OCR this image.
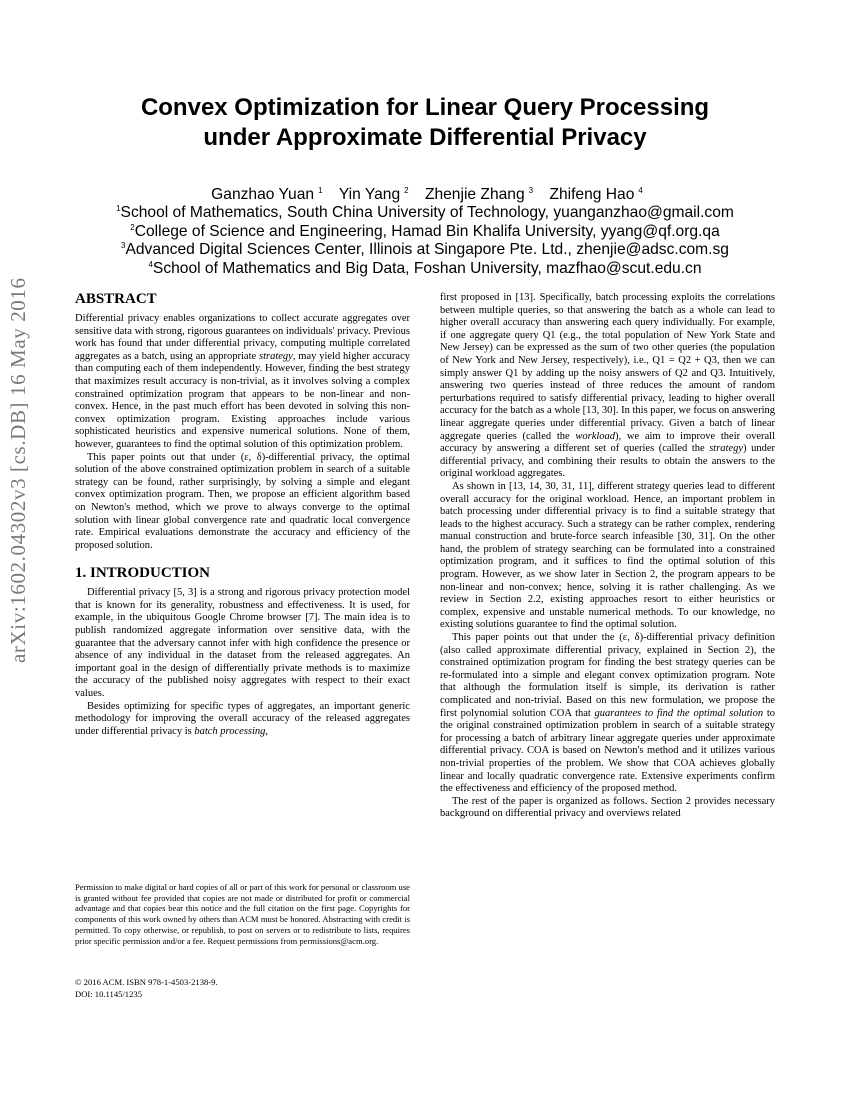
arXiv:1602.04302v3 [cs.DB] 16 May 2016
Convex Optimization for Linear Query Processing
under Approximate Differential Privacy
Ganzhao Yuan $^1$ Yin Yang $^2$ Zhenjie Zhang $^3$ Zhifeng Hao $^4$
$^1$School of Mathematics, South China University of Technology, yuanganzhao@gmail.com
$^2$College of Science and Engineering, Hamad Bin Khalifa University, yyang@qf.org.qa
$^3$Advanced Digital Sciences Center, Illinois at Singapore Pte. Ltd., zhenjie@adsc.com.sg
$^4$School of Mathematics and Big Data, Foshan University, mazfhao@scut.edu.cn
ABSTRACT

Differential privacy enables organizations to collect accurate aggregates over sensitive data with strong, rigorous guarantees on individuals' privacy. Previous work has found that under differential privacy, computing multiple correlated aggregates as a batch, using an appropriate strategy, may yield higher accuracy than computing each of them independently. However, finding the best strategy that maximizes result accuracy is non-trivial, as it involves solving a complex constrained optimization program that appears to be non-linear and non-convex. Hence, in the past much effort has been devoted in solving this non-convex optimization program. Existing approaches include various sophisticated heuristics and expensive numerical solutions. None of them, however, guarantees to find the optimal solution of this optimization problem.

This paper points out that under (ε, δ)-differential privacy, the optimal solution of the above constrained optimization problem in search of a suitable strategy can be found, rather surprisingly, by solving a simple and elegant convex optimization program. Then, we propose an efficient algorithm based on Newton's method, which we prove to always converge to the optimal solution with linear global convergence rate and quadratic local convergence rate. Empirical evaluations demonstrate the accuracy and efficiency of the proposed solution.

1. INTRODUCTION

Differential privacy [5, 3] is a strong and rigorous privacy protection model that is known for its generality, robustness and effectiveness. It is used, for example, in the ubiquitous Google Chrome browser [7]. The main idea is to publish randomized aggregate information over sensitive data, with the guarantee that the adversary cannot infer with high confidence the presence or absence of any individual in the dataset from the released aggregates. An important goal in the design of differentially private methods is to maximize the accuracy of the published noisy aggregates with respect to their exact values.

Besides optimizing for specific types of aggregates, an important generic methodology for improving the overall accuracy of the released aggregates under differential privacy is batch processing,

Permission to make digital or hard copies of all or part of this work for personal or classroom use is granted without fee provided that copies are not made or distributed for profit or commercial advantage and that copies bear this notice and the full citation on the first page. Copyrights for components of this work owned by others than ACM must be honored. Abstracting with credit is permitted. To copy otherwise, or republish, to post on servers or to redistribute to lists, requires prior specific permission and/or a fee. Request permissions from permissions@acm.org.
© 2016 ACM. ISBN 978-1-4503-2138-9.
DOI: 10.1145/1235

first proposed in [13]. Specifically, batch processing exploits the correlations between multiple queries, so that answering the batch as a whole can lead to higher overall accuracy than answering each query individually. For example, if one aggregate query Q1 (e.g., the total population of New York State and New Jersey) can be expressed as the sum of two other queries (the population of New York and New Jersey, respectively), i.e., Q1 = Q2 + Q3, then we can simply answer Q1 by adding up the noisy answers of Q2 and Q3. Intuitively, answering two queries instead of three reduces the amount of random perturbations required to satisfy differential privacy, leading to higher overall accuracy for the batch as a whole [13, 30]. In this paper, we focus on answering linear aggregate queries under differential privacy. Given a batch of linear aggregate queries (called the workload), we aim to improve their overall accuracy by answering a different set of queries (called the strategy) under differential privacy, and combining their results to obtain the answers to the original workload aggregates.

As shown in [13, 14, 30, 31, 11], different strategy queries lead to different overall accuracy for the original workload. Hence, an important problem in batch processing under differential privacy is to find a suitable strategy that leads to the highest accuracy. Such a strategy can be rather complex, rendering manual construction and brute-force search infeasible [30, 31]. On the other hand, the problem of strategy searching can be formulated into a constrained optimization program, and it suffices to find the optimal solution of this program. However, as we show later in Section 2, the program appears to be non-linear and non-convex; hence, solving it is rather challenging. As we review in Section 2.2, existing approaches resort to either heuristics or complex, expensive and unstable numerical methods. To our knowledge, no existing solutions guarantee to find the optimal solution.

This paper points out that under the (ε, δ)-differential privacy definition (also called approximate differential privacy, explained in Section 2), the constrained optimization program for finding the best strategy queries can be re-formulated into a simple and elegant convex optimization program. Note that although the formulation itself is simple, its derivation is rather complicated and non-trivial. Based on this new formulation, we propose the first polynomial solution COA that guarantees to find the optimal solution to the original constrained optimization problem in search of a suitable strategy for processing a batch of arbitrary linear aggregate queries under approximate differential privacy. COA is based on Newton's method and it utilizes various non-trivial properties of the problem. We show that COA achieves globally linear and locally quadratic convergence rate. Extensive experiments confirm the effectiveness and efficiency of the proposed method.

The rest of the paper is organized as follows. Section 2 provides necessary background on differential privacy and overviews related
